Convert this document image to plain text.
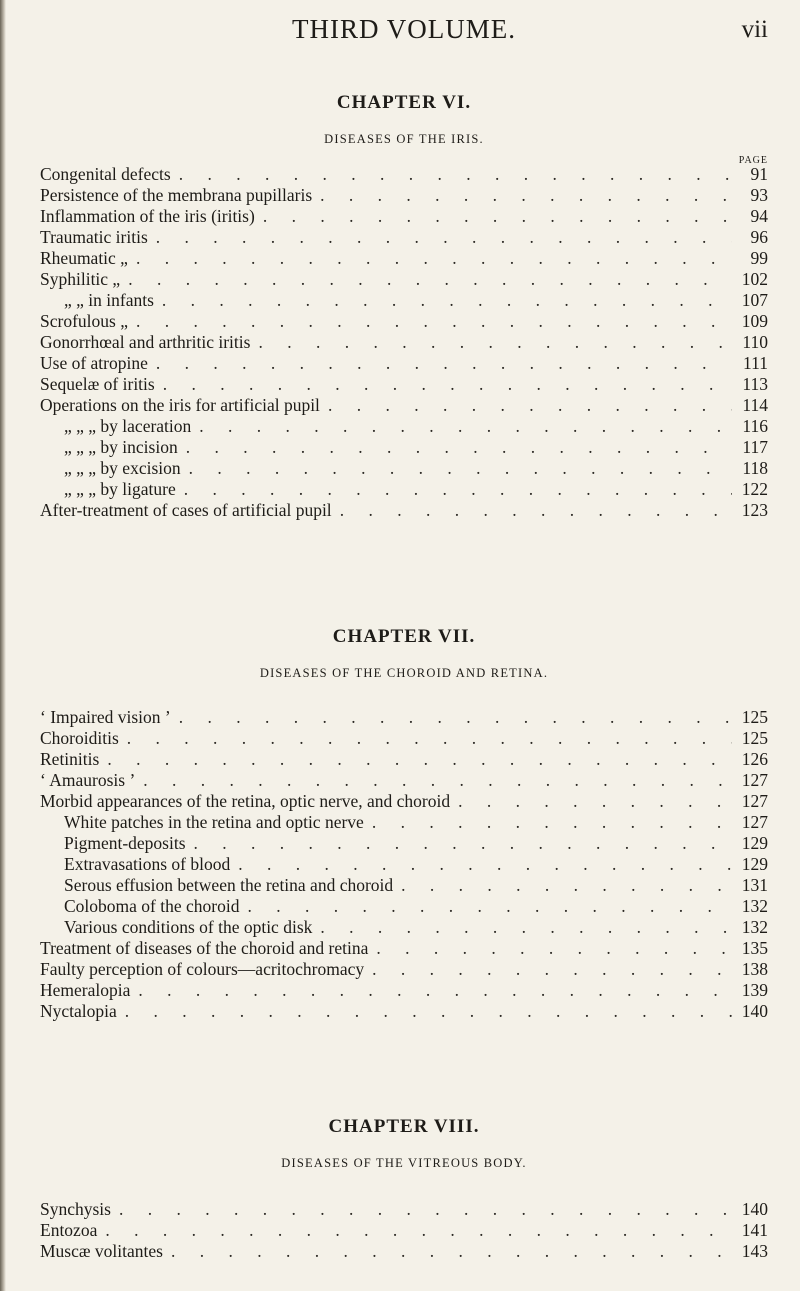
THIRD VOLUME.	vii
CHAPTER VI.

DISEASES OF THE IRIS.

PAGE

Congenital defects . . .	91
Persistence of the membrana pupillaris . . .	93
Inflammation of the iris (iritis) . . .	94
Traumatic iritis . . .	96
Rheumatic „ . . .	99
Syphilitic „ . . .	102
„ „ in infants . . .	107
Scrofulous „ . . .	109
Gonorrhœal and arthritic iritis . . .	110
Use of atropine . . .	111
Sequelæ of iritis . . .	113
Operations on the iris for artificial pupil . . .	114
„ „ „ by laceration . . .	116
„ „ „ by incision . . .	117
„ „ „ by excision . . .	118
„ „ „ by ligature . . .	122
After-treatment of cases of artificial pupil . . .	123
CHAPTER VII.

DISEASES OF THE CHOROID AND RETINA.

‘ Impaired vision ’ . . .	125
Choroiditis . . .	125
Retinitis . . .	126
‘ Amaurosis ’ . . .	127
Morbid appearances of the retina, optic nerve, and choroid . . .	127
White patches in the retina and optic nerve . . .	127
Pigment-deposits . . .	129
Extravasations of blood . . .	129
Serous effusion between the retina and choroid . . .	131
Coloboma of the choroid . . .	132
Various conditions of the optic disk . . .	132
Treatment of diseases of the choroid and retina . . .	135
Faulty perception of colours—acritochromacy . . .	138
Hemeralopia . . .	139
Nyctalopia . . .	140
CHAPTER VIII.

DISEASES OF THE VITREOUS BODY.

Synchysis . . .	140
Entozoa . . .	141
Muscæ volitantes . . .	143
